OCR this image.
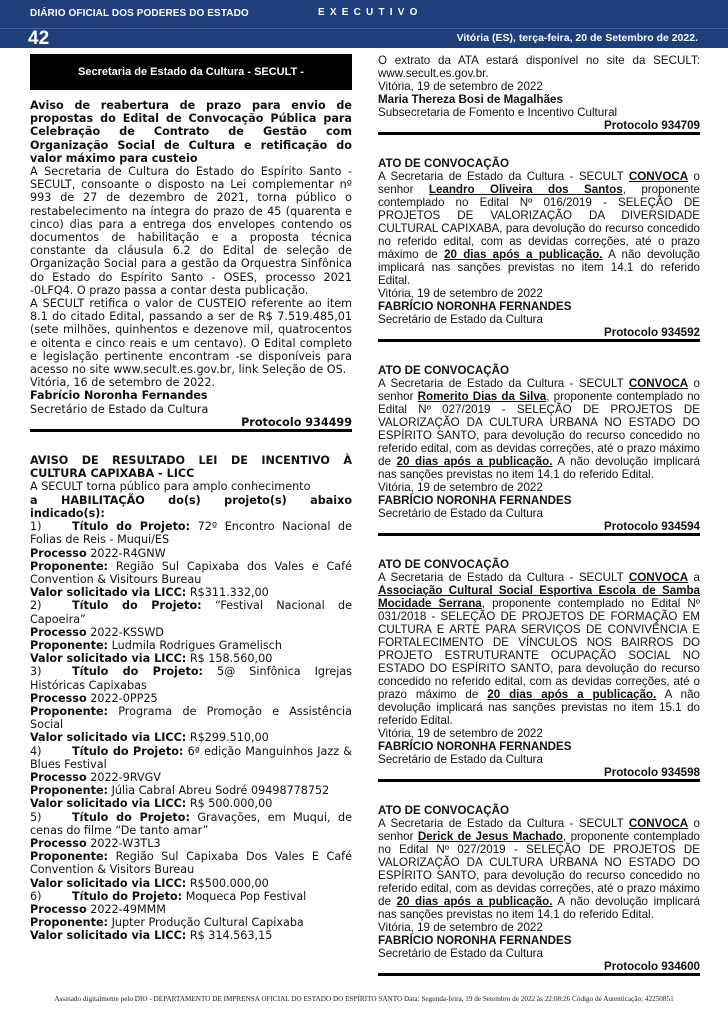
DIÁRIO OFICIAL DOS PODERES DO ESTADO	EXECUTIVO
42	Vitória (ES), terça-feira, 20 de Setembro de 2022.
Secretaria de Estado da Cultura - SECULT -
Aviso de reabertura de prazo para envio de propostas do Edital de Convocação Pública para Celebração de Contrato de Gestão com Organização Social de Cultura e retificação do valor máximo para custeio
A Secretaria de Cultura do Estado do Espírito Santo - SECULT, consoante o disposto na Lei complementar nº 993 de 27 de dezembro de 2021, torna público o restabelecimento na íntegra do prazo de 45 (quarenta e cinco) dias para a entrega dos envelopes contendo os documentos de habilitação e a proposta técnica constante da cláusula 6.2 do Edital de seleção de Organização Social para a gestão da Orquestra Sinfônica do Estado do Espírito Santo - OSES, processo 2021 -0LFQ4. O prazo passa a contar desta publicação.
A SECULT retifica o valor de CUSTEIO referente ao item 8.1 do citado Edital, passando a ser de R$ 7.519.485,01 (sete milhões, quinhentos e dezenove mil, quatrocentos e oitenta e cinco reais e um centavo). O Edital completo e legislação pertinente encontram -se disponíveis para acesso no site www.secult.es.gov.br, link Seleção de OS.
Vitória, 16 de setembro de 2022.
Fabrício Noronha Fernandes
Secretário de Estado da Cultura
Protocolo 934499
AVISO DE RESULTADO LEI DE INCENTIVO À CULTURA CAPIXABA - LICC
A SECULT torna público para amplo conhecimento
a HABILITAÇÃO do(s) projeto(s) abaixo indicado(s):
1)	Título do Projeto: 72º Encontro Nacional de Folias de Reis - Muqui/ES
Processo 2022-R4GNW
Proponente: Região Sul Capixaba dos Vales e Café Convention & Visitours Bureau
Valor solicitado via LICC: R$311.332,00
2)	Título do Projeto: “Festival Nacional de Capoeira”
Processo 2022-KSSWD
Proponente: Ludmila Rodrigues Gramelisch
Valor solicitado via LICC: R$ 158.560,00
3)	Título do Projeto: 5@ Sinfônica Igrejas Históricas Capixabas
Processo 2022-0PP25
Proponente: Programa de Promoção e Assistência Social
Valor solicitado via LICC: R$299.510,00
4)	Título do Projeto: 6ª edição Manguinhos Jazz & Blues Festival
Processo 2022-9RVGV
Proponente: Júlia Cabral Abreu Sodré 09498778752
Valor solicitado via LICC: R$ 500.000,00
5)	Título do Projeto: Gravações, em Muqui, de cenas do filme “De tanto amar”
Processo 2022-W3TL3
Proponente: Região Sul Capixaba Dos Vales E Café Convention & Visitors Bureau
Valor solicitado via LICC: R$500.000,00
6)	Título do Projeto: Moqueca Pop Festival
Processo 2022-49MMM
Proponente: Jupter Produção Cultural Capixaba
Valor solicitado via LICC: R$ 314.563,15
O extrato da ATA estará disponível no site da SECULT: www.secult.es.gov.br.
Vitória, 19 de setembro de 2022
Maria Thereza Bosi de Magalhães
Subsecretaria de Fomento e Incentivo Cultural
Protocolo 934709
ATO DE CONVOCAÇÃO
A Secretaria de Estado da Cultura - SECULT CONVOCA o senhor Leandro Oliveira dos Santos, proponente contemplado no Edital Nº 016/2019 - SELEÇÃO DE PROJETOS DE VALORIZAÇÃO DA DIVERSIDADE CULTURAL CAPIXABA, para devolução do recurso concedido no referido edital, com as devidas correções, até o prazo máximo de 20 dias após a publicação. A não devolução implicará nas sanções previstas no item 14.1 do referido Edital.
Vitória, 19 de setembro de 2022
FABRÍCIO NORONHA FERNANDES
Secretário de Estado da Cultura
Protocolo 934592
ATO DE CONVOCAÇÃO
A Secretaria de Estado da Cultura - SECULT CONVOCA o senhor Romerito Dias da Silva, proponente contemplado no Edital Nº 027/2019 - SELEÇÃO DE PROJETOS DE VALORIZAÇÃO DA CULTURA URBANA NO ESTADO DO ESPÍRITO SANTO, para devolução do recurso concedido no referido edital, com as devidas correções, até o prazo máximo de 20 dias após a publicação. A não devolução implicará nas sanções previstas no item 14.1 do referido Edital.
Vitória, 19 de setembro de 2022
FABRÍCIO NORONHA FERNANDES
Secretário de Estado da Cultura
Protocolo 934594
ATO DE CONVOCAÇÃO
A Secretaria de Estado da Cultura - SECULT CONVOCA a Associação Cultural Social Esportiva Escola de Samba Mocidade Serrana, proponente contemplado no Edital Nº 031/2018 - SELEÇÃO DE PROJETOS DE FORMAÇÃO EM CULTURA E ARTE PARA SERVIÇOS DE CONVIVÊNCIA E FORTALECIMENTO DE VÍNCULOS NOS BAIRROS DO PROJETO ESTRUTURANTE OCUPAÇÃO SOCIAL NO ESTADO DO ESPÍRITO SANTO, para devolução do recurso concedido no referido edital, com as devidas correções, até o prazo máximo de 20 dias após a publicação. A não devolução implicará nas sanções previstas no item 15.1 do referido Edital.
Vitória, 19 de setembro de 2022
FABRÍCIO NORONHA FERNANDES
Secretário de Estado da Cultura
Protocolo 934598
ATO DE CONVOCAÇÃO
A Secretaria de Estado da Cultura - SECULT CONVOCA o senhor Derick de Jesus Machado, proponente contemplado no Edital Nº 027/2019 - SELEÇÃO DE PROJETOS DE VALORIZAÇÃO DA CULTURA URBANA NO ESTADO DO ESPÍRITO SANTO, para devolução do recurso concedido no referido edital, com as devidas correções, até o prazo máximo de 20 dias após a publicação. A não devolução implicará nas sanções previstas no item 14.1 do referido Edital.
Vitória, 19 de setembro de 2022
FABRÍCIO NORONHA FERNANDES
Secretário de Estado da Cultura
Protocolo 934600
Assinado digitalmente pelo DIO - DEPARTAMENTO DE IMPRENSA OFICIAL DO ESTADO DO ESPÍRITO SANTO Data: Segunda-feira, 19 de Setembro de 2022 às 22:08:26 Código de Autenticação: 42250851
